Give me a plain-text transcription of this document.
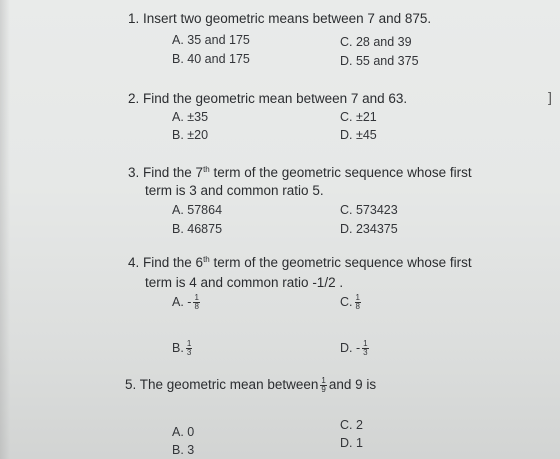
1. Insert two geometric means between 7 and 875.
A. 35 and 175	C. 28 and 39
B. 40 and 175	D. 55 and 375
2. Find the geometric mean between 7 and 63.
A. ±35	C. ±21
B. ±20	D. ±45
]
3. Find the 7th term of the geometric sequence whose first
term is 3 and common ratio 5.
A. 57864	C. 573423
B. 46875	D. 234375
4. Find the 6th term of the geometric sequence whose first
term is 4 and common ratio -1/2 .
A. - $\frac{1}{8}$	C. $\frac{1}{8}$
B. $\frac{1}{3}$	D. - $\frac{1}{3}$
5. The geometric mean between $\frac{1}{9}$ and 9 is
A. 0	C. 2
B. 3	D. 1
